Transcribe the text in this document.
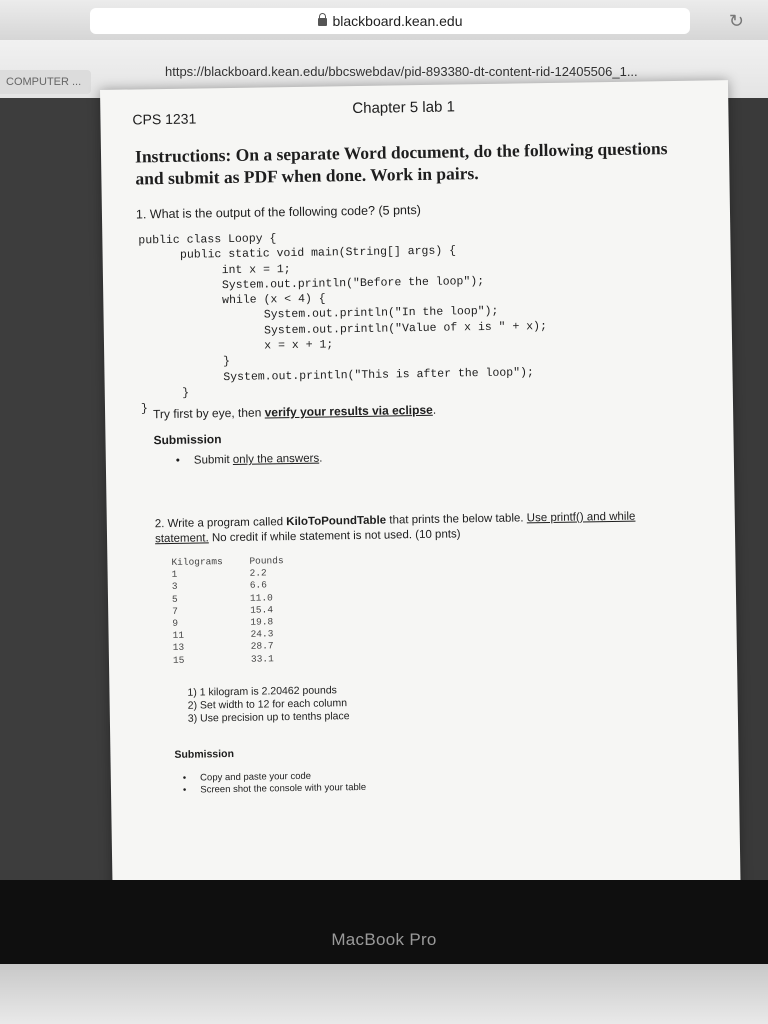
blackboard.kean.edu	↻
COMPUTER ...
https://blackboard.kean.edu/bbcswebdav/pid-893380-dt-content-rid-12405506_1...
CPS 1231
Chapter 5 lab 1
Instructions: On a separate Word document, do the following questions and submit as PDF when done. Work in pairs.
1. What is the output of the following code? (5 pnts)
public class Loopy {
public static void main(String[] args) {
int x = 1;
System.out.println("Before the loop");
while (x < 4) {
System.out.println("In the loop");
System.out.println("Value of x is " + x);
x = x + 1;
}
System.out.println("This is after the loop");
}
} Try first by eye, then verify your results via eclipse.
Submission
• Submit only the answers.
2. Write a program called KiloToPoundTable that prints the below table. Use printf() and while statement. No credit if while statement is not used. (10 pnts)
Kilograms	Pounds
1	2.2
3	6.6
5	11.0
7	15.4
9	19.8
11	24.3
13	28.7
15	33.1
1) 1 kilogram is 2.20462 pounds
2) Set width to 12 for each column
3) Use precision up to tenths place
Submission
• Copy and paste your code
• Screen shot the console with your table
MacBook Pro
